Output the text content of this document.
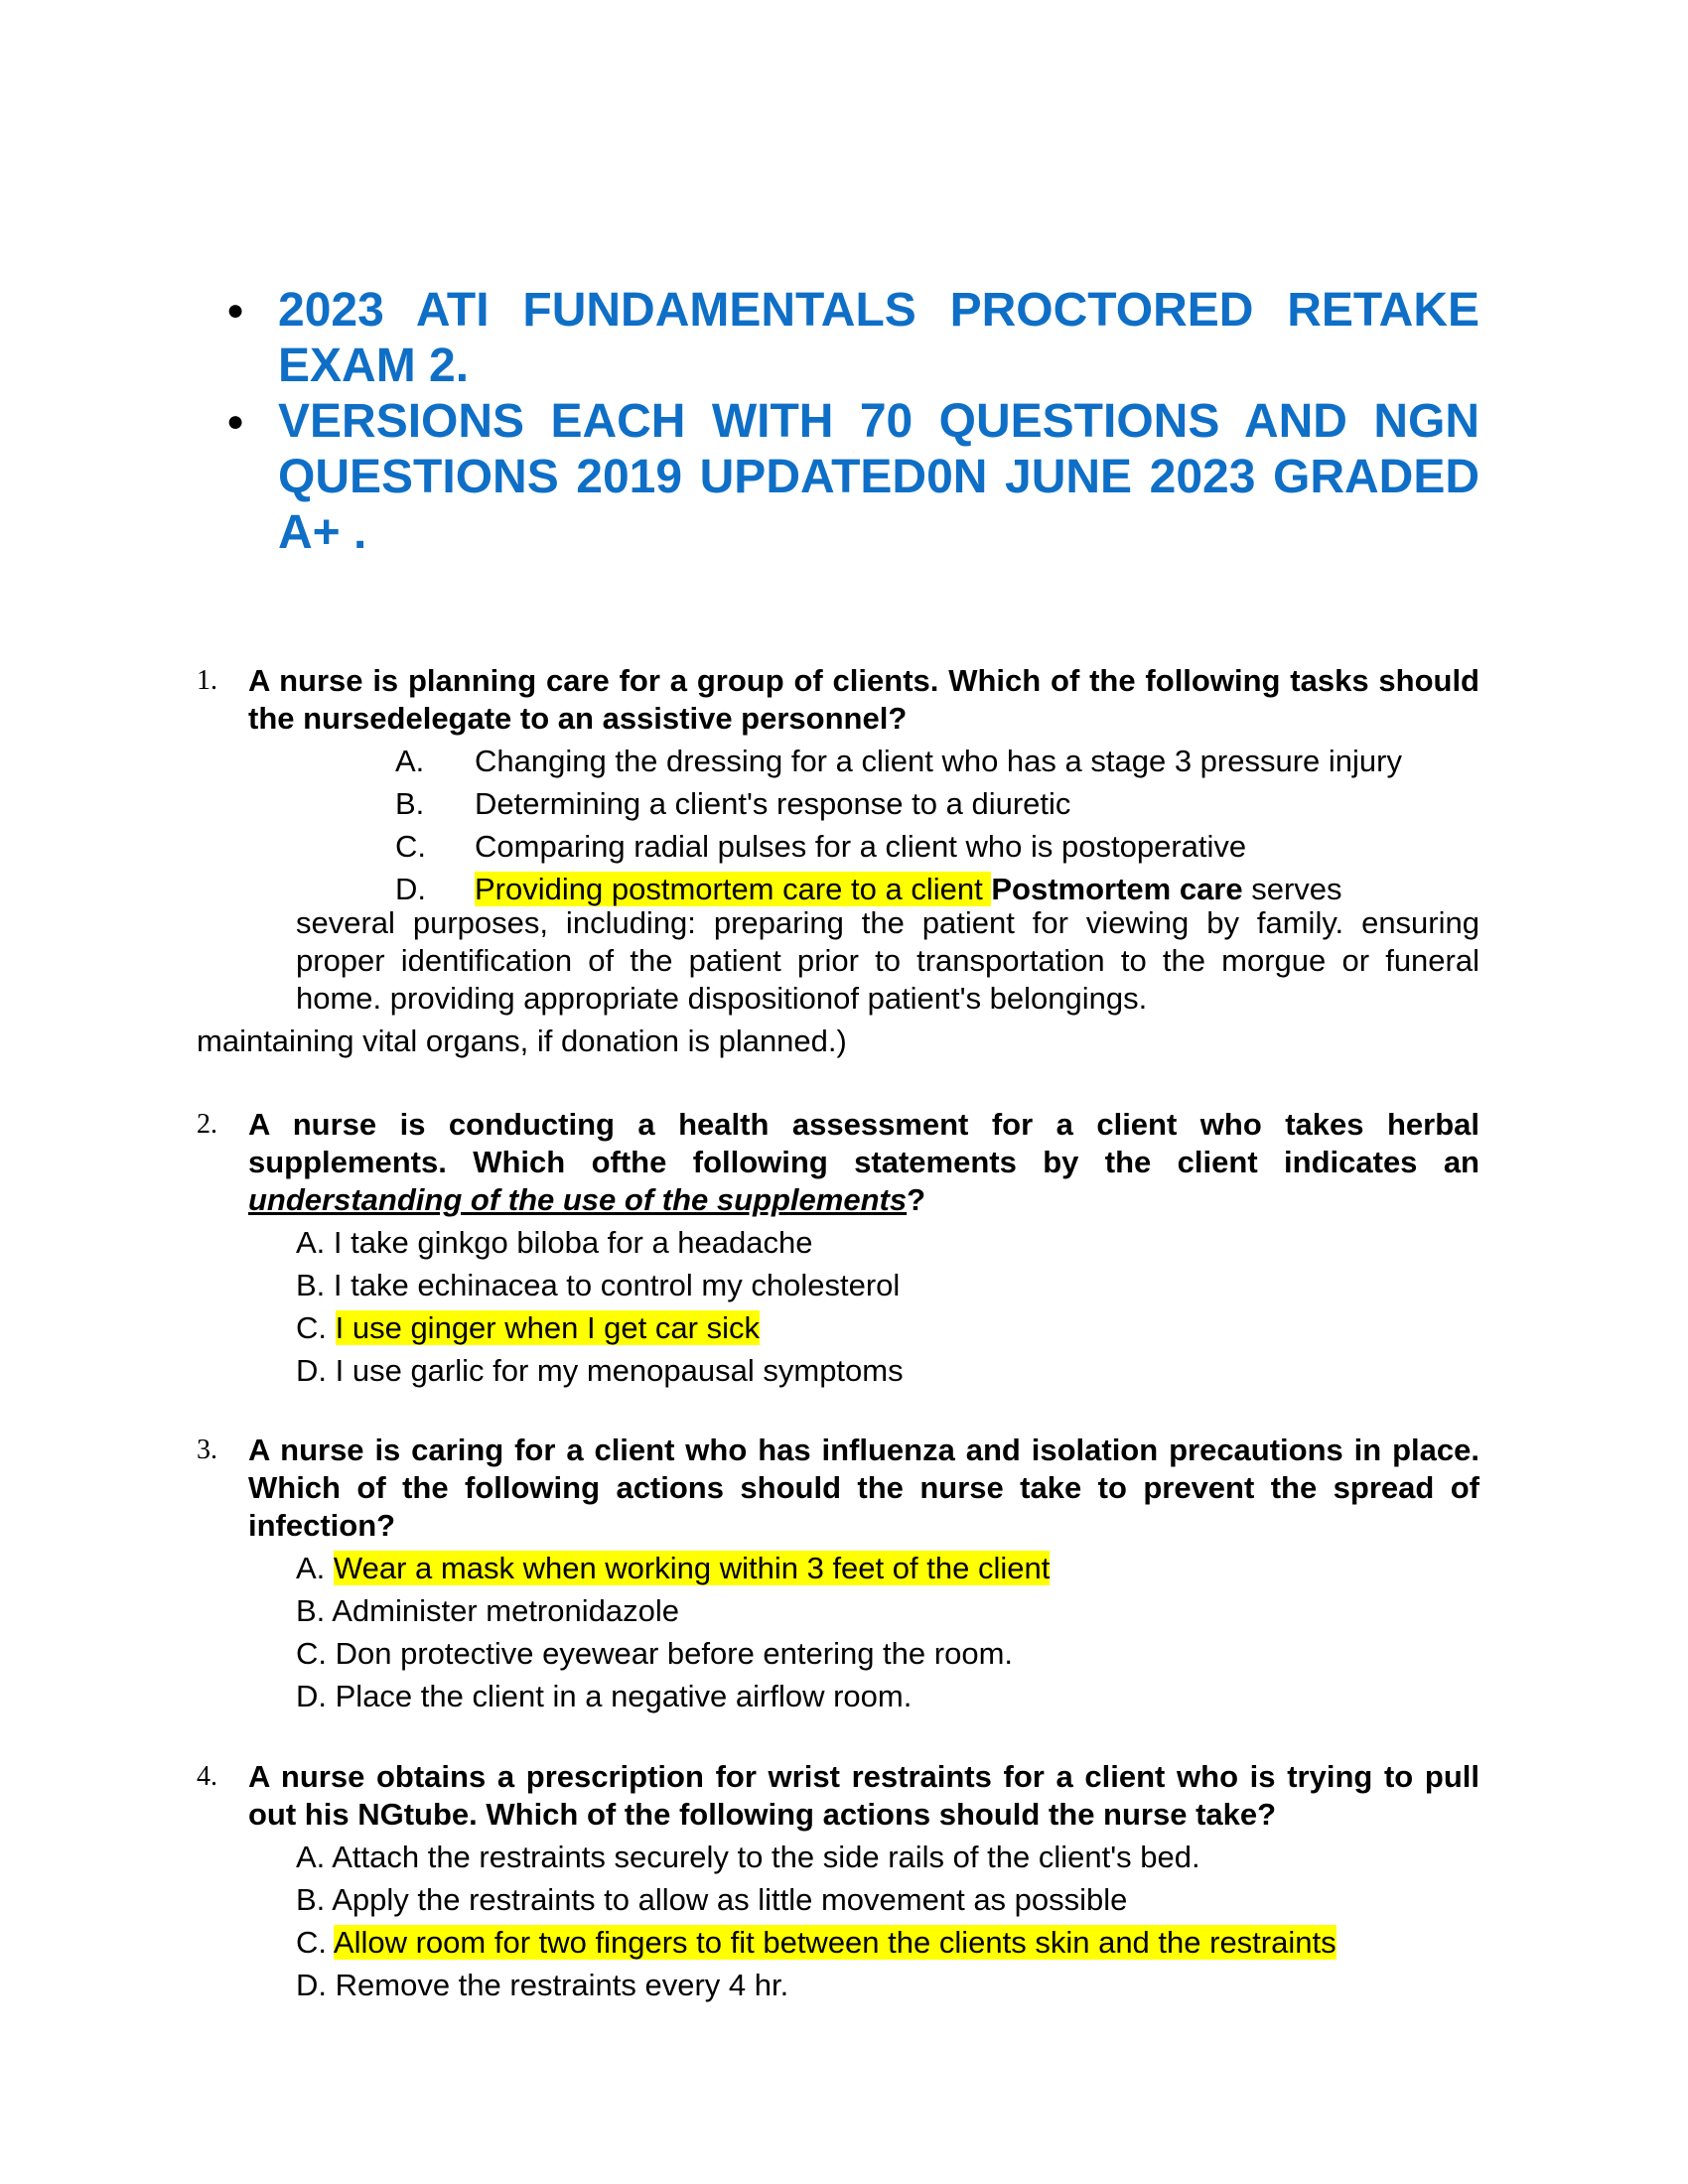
● 2023 ATI FUNDAMENTALS PROCTORED RETAKE EXAM 2.
● VERSIONS EACH WITH 70 QUESTIONS AND NGN QUESTIONS 2019 UPDATED0N JUNE 2023 GRADED A+ .
1. A nurse is planning care for a group of clients. Which of the following tasks should the nursedelegate to an assistive personnel?
A. Changing the dressing for a client who has a stage 3 pressure injury
B. Determining a client's response to a diuretic
C. Comparing radial pulses for a client who is postoperative
D. Providing postmortem care to a client Postmortem care serves
several purposes, including: preparing the patient for viewing by family. ensuring proper identification of the patient prior to transportation to the morgue or funeral home. providing appropriate dispositionof patient's belongings.
maintaining vital organs, if donation is planned.)
2. A nurse is conducting a health assessment for a client who takes herbal supplements. Which ofthe following statements by the client indicates an understanding of the use of the supplements?
A. I take ginkgo biloba for a headache
B. I take echinacea to control my cholesterol
C. I use ginger when I get car sick
D. I use garlic for my menopausal symptoms
3. A nurse is caring for a client who has influenza and isolation precautions in place. Which of the following actions should the nurse take to prevent the spread of infection?
A. Wear a mask when working within 3 feet of the client
B. Administer metronidazole
C. Don protective eyewear before entering the room.
D. Place the client in a negative airflow room.
4. A nurse obtains a prescription for wrist restraints for a client who is trying to pull out his NGtube. Which of the following actions should the nurse take?
A. Attach the restraints securely to the side rails of the client's bed.
B. Apply the restraints to allow as little movement as possible
C. Allow room for two fingers to fit between the clients skin and the restraints
D. Remove the restraints every 4 hr.
